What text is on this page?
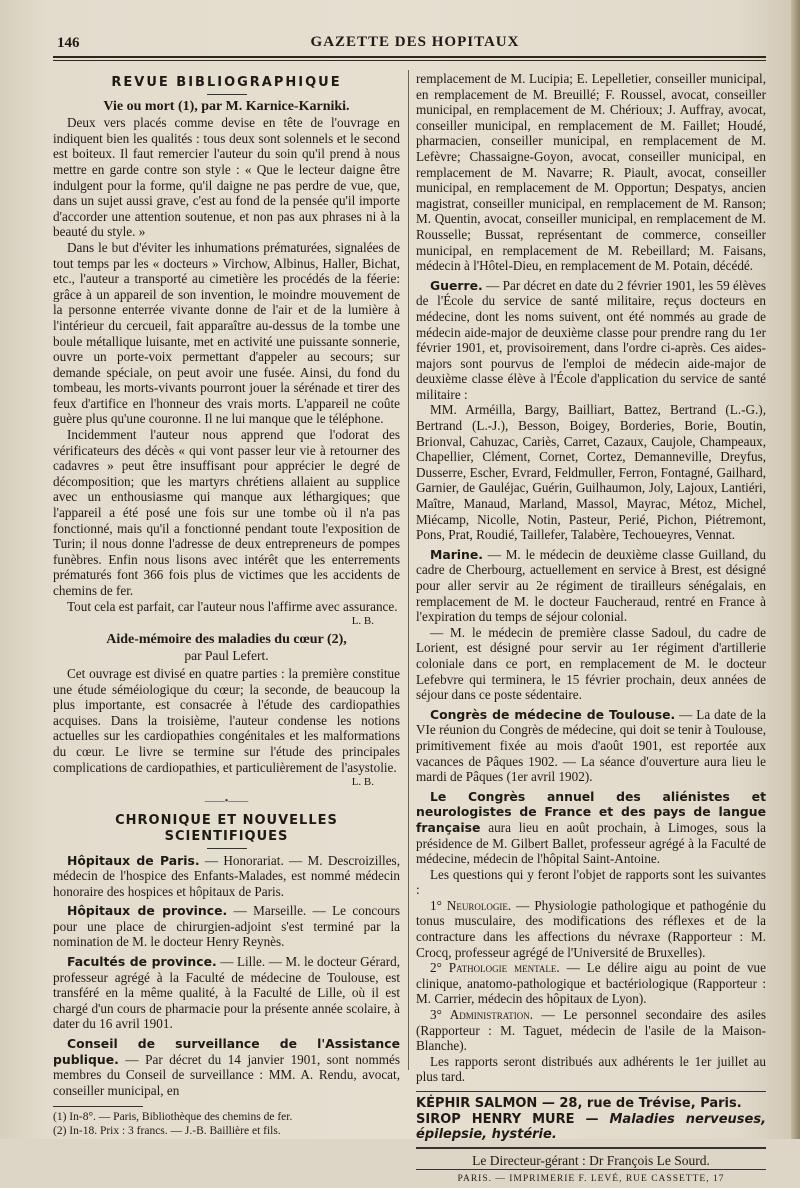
146	GAZETTE DES HOPITAUX
REVUE BIBLIOGRAPHIQUE
Vie ou mort (1), par M. Karnice-Karniki.

Deux vers placés comme devise en tête de l'ouvrage en indiquent bien les qualités : tous deux sont solennels et le second est boiteux. Il faut remercier l'auteur du soin qu'il prend à nous mettre en garde contre son style : « Que le lecteur daigne être indulgent pour la forme, qu'il daigne ne pas perdre de vue, que, dans un sujet aussi grave, c'est au fond de la pensée qu'il importe d'accorder une attention soutenue, et non pas aux phrases ni à la beauté du style. »

Dans le but d'éviter les inhumations prématurées, signalées de tout temps par les « docteurs » Virchow, Albinus, Haller, Bichat, etc., l'auteur a transporté au cimetière les procédés de la féerie: grâce à un appareil de son invention, le moindre mouvement de la personne enterrée vivante donne de l'air et de la lumière à l'intérieur du cercueil, fait apparaître au-dessus de la tombe une boule métallique luisante, met en activité une puissante sonnerie, ouvre un porte-voix permettant d'appeler au secours; sur demande spéciale, on peut avoir une fusée. Ainsi, du fond du tombeau, les morts-vivants pourront jouer la sérénade et tirer des feux d'artifice en l'honneur des vrais morts. L'appareil ne coûte guère plus qu'une couronne. Il ne lui manque que le téléphone.

Incidemment l'auteur nous apprend que l'odorat des vérificateurs des décès « qui vont passer leur vie à retourner des cadavres » peut être insuffisant pour apprécier le degré de décomposition; que les martyrs chrétiens allaient au supplice avec un enthousiasme qui manque aux léthargiques; que l'appareil a été posé une fois sur une tombe où il n'a pas fonctionné, mais qu'il a fonctionné pendant toute l'exposition de Turin; il nous donne l'adresse de deux entrepreneurs de pompes funèbres. Enfin nous lisons avec intérêt que les enterrements prématurés font 366 fois plus de victimes que les accidents de chemins de fer.

Tout cela est parfait, car l'auteur nous l'affirme avec assurance.

L. B.
Aide-mémoire des maladies du cœur (2),
par Paul Lefert.

Cet ouvrage est divisé en quatre parties : la première constitue une étude séméiologique du cœur; la seconde, de beaucoup la plus importante, est consacrée à l'étude des cardiopathies acquises. Dans la troisième, l'auteur condense les notions actuelles sur les cardiopathies congénitales et les malformations du cœur. Le livre se termine sur l'étude des principales complications de cardiopathies, et particulièrement de l'asystolie.

L. B.
——•——
CHRONIQUE ET NOUVELLES SCIENTIFIQUES

Hôpitaux de Paris. — Honorariat. — M. Descroizilles, médecin de l'hospice des Enfants-Malades, est nommé médecin honoraire des hospices et hôpitaux de Paris.

Hôpitaux de province. — Marseille. — Le concours pour une place de chirurgien-adjoint s'est terminé par la nomination de M. le docteur Henry Reynès.

Facultés de province. — Lille. — M. le docteur Gérard, professeur agrégé à la Faculté de médecine de Toulouse, est transféré en la même qualité, à la Faculté de Lille, où il est chargé d'un cours de pharmacie pour la présente année scolaire, à dater du 16 avril 1901.

Conseil de surveillance de l'Assistance publique. — Par décret du 14 janvier 1901, sont nommés membres du Conseil de surveillance : MM. A. Rendu, avocat, conseiller municipal, en

(1) In-8°. — Paris, Bibliothèque des chemins de fer.

(2) In-18. Prix : 3 francs. — J.-B. Baillière et fils.

remplacement de M. Lucipia; E. Lepelletier, conseiller municipal, en remplacement de M. Breuillé; F. Roussel, avocat, conseiller municipal, en remplacement de M. Chérioux; J. Auffray, avocat, conseiller municipal, en remplacement de M. Faillet; Houdé, pharmacien, conseiller municipal, en remplacement de M. Lefèvre; Chassaigne-Goyon, avocat, conseiller municipal, en remplacement de M. Navarre; R. Piault, avocat, conseiller municipal, en remplacement de M. Opportun; Despatys, ancien magistrat, conseiller municipal, en remplacement de M. Ranson; M. Quentin, avocat, conseiller municipal, en remplacement de M. Rousselle; Bussat, représentant de commerce, conseiller municipal, en remplacement de M. Rebeillard; M. Faisans, médecin à l'Hôtel-Dieu, en remplacement de M. Potain, décédé.

Guerre. — Par décret en date du 2 février 1901, les 59 élèves de l'École du service de santé militaire, reçus docteurs en médecine, dont les noms suivent, ont été nommés au grade de médecin aide-major de deuxième classe pour prendre rang du 1er février 1901, et, provisoirement, dans l'ordre ci-après. Ces aides-majors sont pourvus de l'emploi de médecin aide-major de deuxième classe élève à l'École d'application du service de santé militaire :

MM. Arméilla, Bargy, Bailliart, Battez, Bertrand (L.-G.), Bertrand (L.-J.), Besson, Boigey, Borderies, Borie, Boutin, Brionval, Cahuzac, Cariès, Carret, Cazaux, Caujole, Champeaux, Chapellier, Clément, Cornet, Cortez, Demanneville, Dreyfus, Dusserre, Escher, Evrard, Feldmuller, Ferron, Fontagné, Gailhard, Garnier, de Gauléjac, Guérin, Guilhaumon, Joly, Lajoux, Lantiéri, Maître, Manaud, Marland, Massol, Mayrac, Métoz, Michel, Miécamp, Nicolle, Notin, Pasteur, Perié, Pichon, Piétremont, Pons, Prat, Roudié, Taillefer, Talabère, Techoueyres, Vennat.

Marine. — M. le médecin de deuxième classe Guilland, du cadre de Cherbourg, actuellement en service à Brest, est désigné pour aller servir au 2e régiment de tirailleurs sénégalais, en remplacement de M. le docteur Faucheraud, rentré en France à l'expiration du temps de séjour colonial.

— M. le médecin de première classe Sadoul, du cadre de Lorient, est désigné pour servir au 1er régiment d'artillerie coloniale dans ce port, en remplacement de M. le docteur Lefebvre qui terminera, le 15 février prochain, deux années de séjour dans ce poste sédentaire.

Congrès de médecine de Toulouse. — La date de la VIe réunion du Congrès de médecine, qui doit se tenir à Toulouse, primitivement fixée au mois d'août 1901, est reportée aux vacances de Pâques 1902. — La séance d'ouverture aura lieu le mardi de Pâques (1er avril 1902).

Le Congrès annuel des aliénistes et neurologistes de France et des pays de langue française aura lieu en août prochain, à Limoges, sous la présidence de M. Gilbert Ballet, professeur agrégé à la Faculté de médecine, médecin de l'hôpital Saint-Antoine.

Les questions qui y feront l'objet de rapports sont les suivantes :

1° Neurologie. — Physiologie pathologique et pathogénie du tonus musculaire, des modifications des réflexes et de la contracture dans les affections du névraxe (Rapporteur : M. Crocq, professeur agrégé de l'Université de Bruxelles).

2° Pathologie mentale. — Le délire aigu au point de vue clinique, anatomo-pathologique et bactériologique (Rapporteur : M. Carrier, médecin des hôpitaux de Lyon).

3° Administration. — Le personnel secondaire des asiles (Rapporteur : M. Taguet, médecin de l'asile de la Maison-Blanche).

Les rapports seront distribués aux adhérents le 1er juillet au plus tard.

KÉPHIR SALMON — 28, rue de Trévise, Paris.
SIROP HENRY MURE — Maladies nerveuses, épilepsie, hystérie.
Le Directeur-gérant : Dr François Le Sourd.
PARIS. — IMPRIMERIE F. LEVÉ, RUE CASSETTE, 17
